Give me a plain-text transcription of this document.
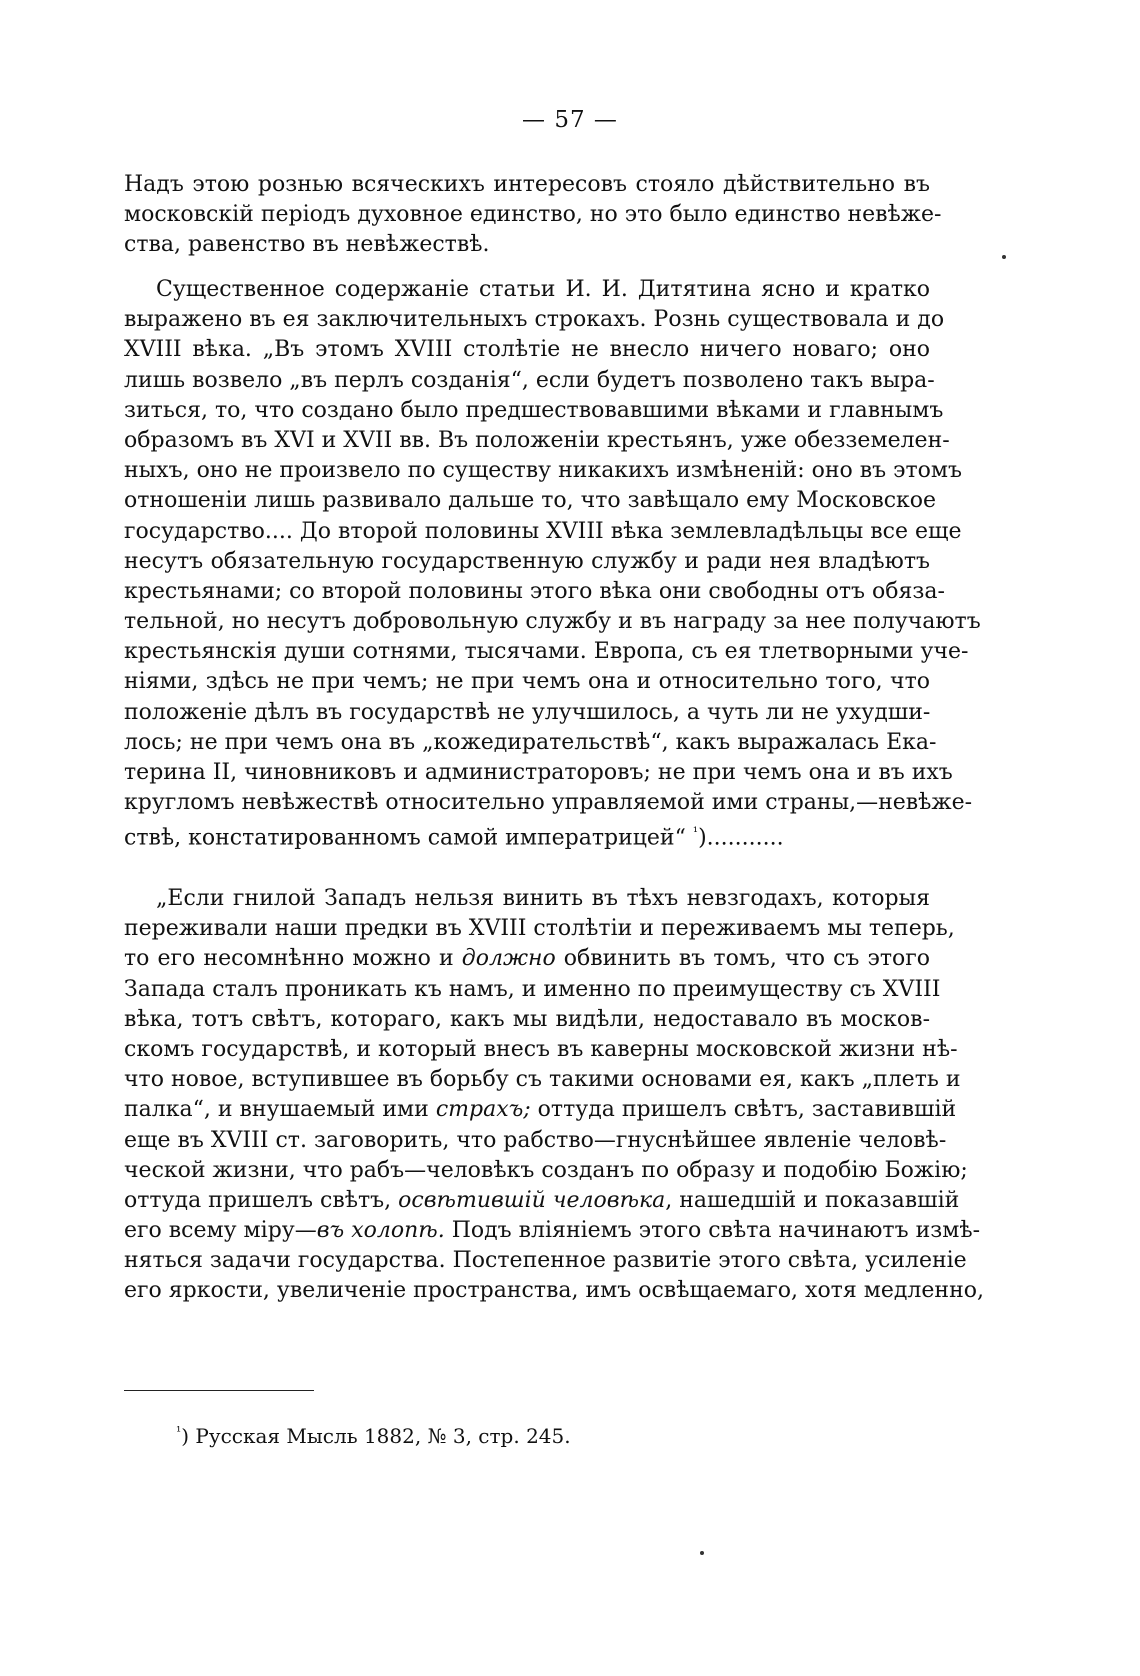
— 57 —
Надъ этою рознью всяческихъ интересовъ стояло дѣйствительно въ
московскій періодъ духовное единство, но это было единство невѣже-
ства, равенство въ невѣжествѣ.
Существенное содержаніе статьи И. И. Дитятина ясно и кратко
выражено въ ея заключительныхъ строкахъ. Рознь существовала и до
XVIII вѣка. „Въ этомъ XVIII столѣтіе не внесло ничего новаго; оно
лишь возвело „въ перлъ созданія“, если будетъ позволено такъ выра-
зиться, то, что создано было предшествовавшими вѣками и главнымъ
образомъ въ XVI и XVII вв. Въ положеніи крестьянъ, уже обезземелен-
ныхъ, оно не произвело по существу никакихъ измѣненій: оно въ этомъ
отношеніи лишь развивало дальше то, что завѣщало ему Московское
государство.... До второй половины XVIII вѣка землевладѣльцы все еще
несутъ обязательную государственную службу и ради нея владѣютъ
крестьянами; со второй половины этого вѣка они свободны отъ обяза-
тельной, но несутъ добровольную службу и въ награду за нее получаютъ
крестьянскія души сотнями, тысячами. Европа, съ ея тлетворными уче-
ніями, здѣсь не при чемъ; не при чемъ она и относительно того, что
положеніе дѣлъ въ государствѣ не улучшилось, а чуть ли не ухудши-
лось; не при чемъ она въ „кожедирательствѣ“, какъ выражалась Ека-
терина II, чиновниковъ и администраторовъ; не при чемъ она и въ ихъ
кругломъ невѣжествѣ относительно управляемой ими страны,—невѣже-
ствѣ, констатированномъ самой императрицей“ $^{^1}$)...........
„Если гнилой Западъ нельзя винить въ тѣхъ невзгодахъ, которыя
переживали наши предки въ XVIII столѣтіи и переживаемъ мы теперь,
то его несомнѣнно можно и должно обвинить въ томъ, что съ этого
Запада сталъ проникать къ намъ, и именно по преимуществу съ XVIII
вѣка, тотъ свѣтъ, котораго, какъ мы видѣли, недоставало въ москов-
скомъ государствѣ, и который внесъ въ каверны московской жизни нѣ-
что новое, вступившее въ борьбу съ такими основами ея, какъ „плеть и
палка“, и внушаемый ими страхъ; оттуда пришелъ свѣтъ, заставившій
еще въ XVIII ст. заговорить, что рабство—гнуснѣйшее явленіе человѣ-
ческой жизни, что рабъ—человѣкъ созданъ по образу и подобію Божію;
оттуда пришелъ свѣтъ, освѣтившій человѣка, нашедшій и показавшій
его всему міру—въ холопѣ. Подъ вліяніемъ этого свѣта начинаютъ измѣ-
няться задачи государства. Постепенное развитіе этого свѣта, усиленіе
его яркости, увеличеніе пространства, имъ освѣщаемаго, хотя медленно,
$^{^1}$) Русская Мысль 1882, № 3, стр. 245.
